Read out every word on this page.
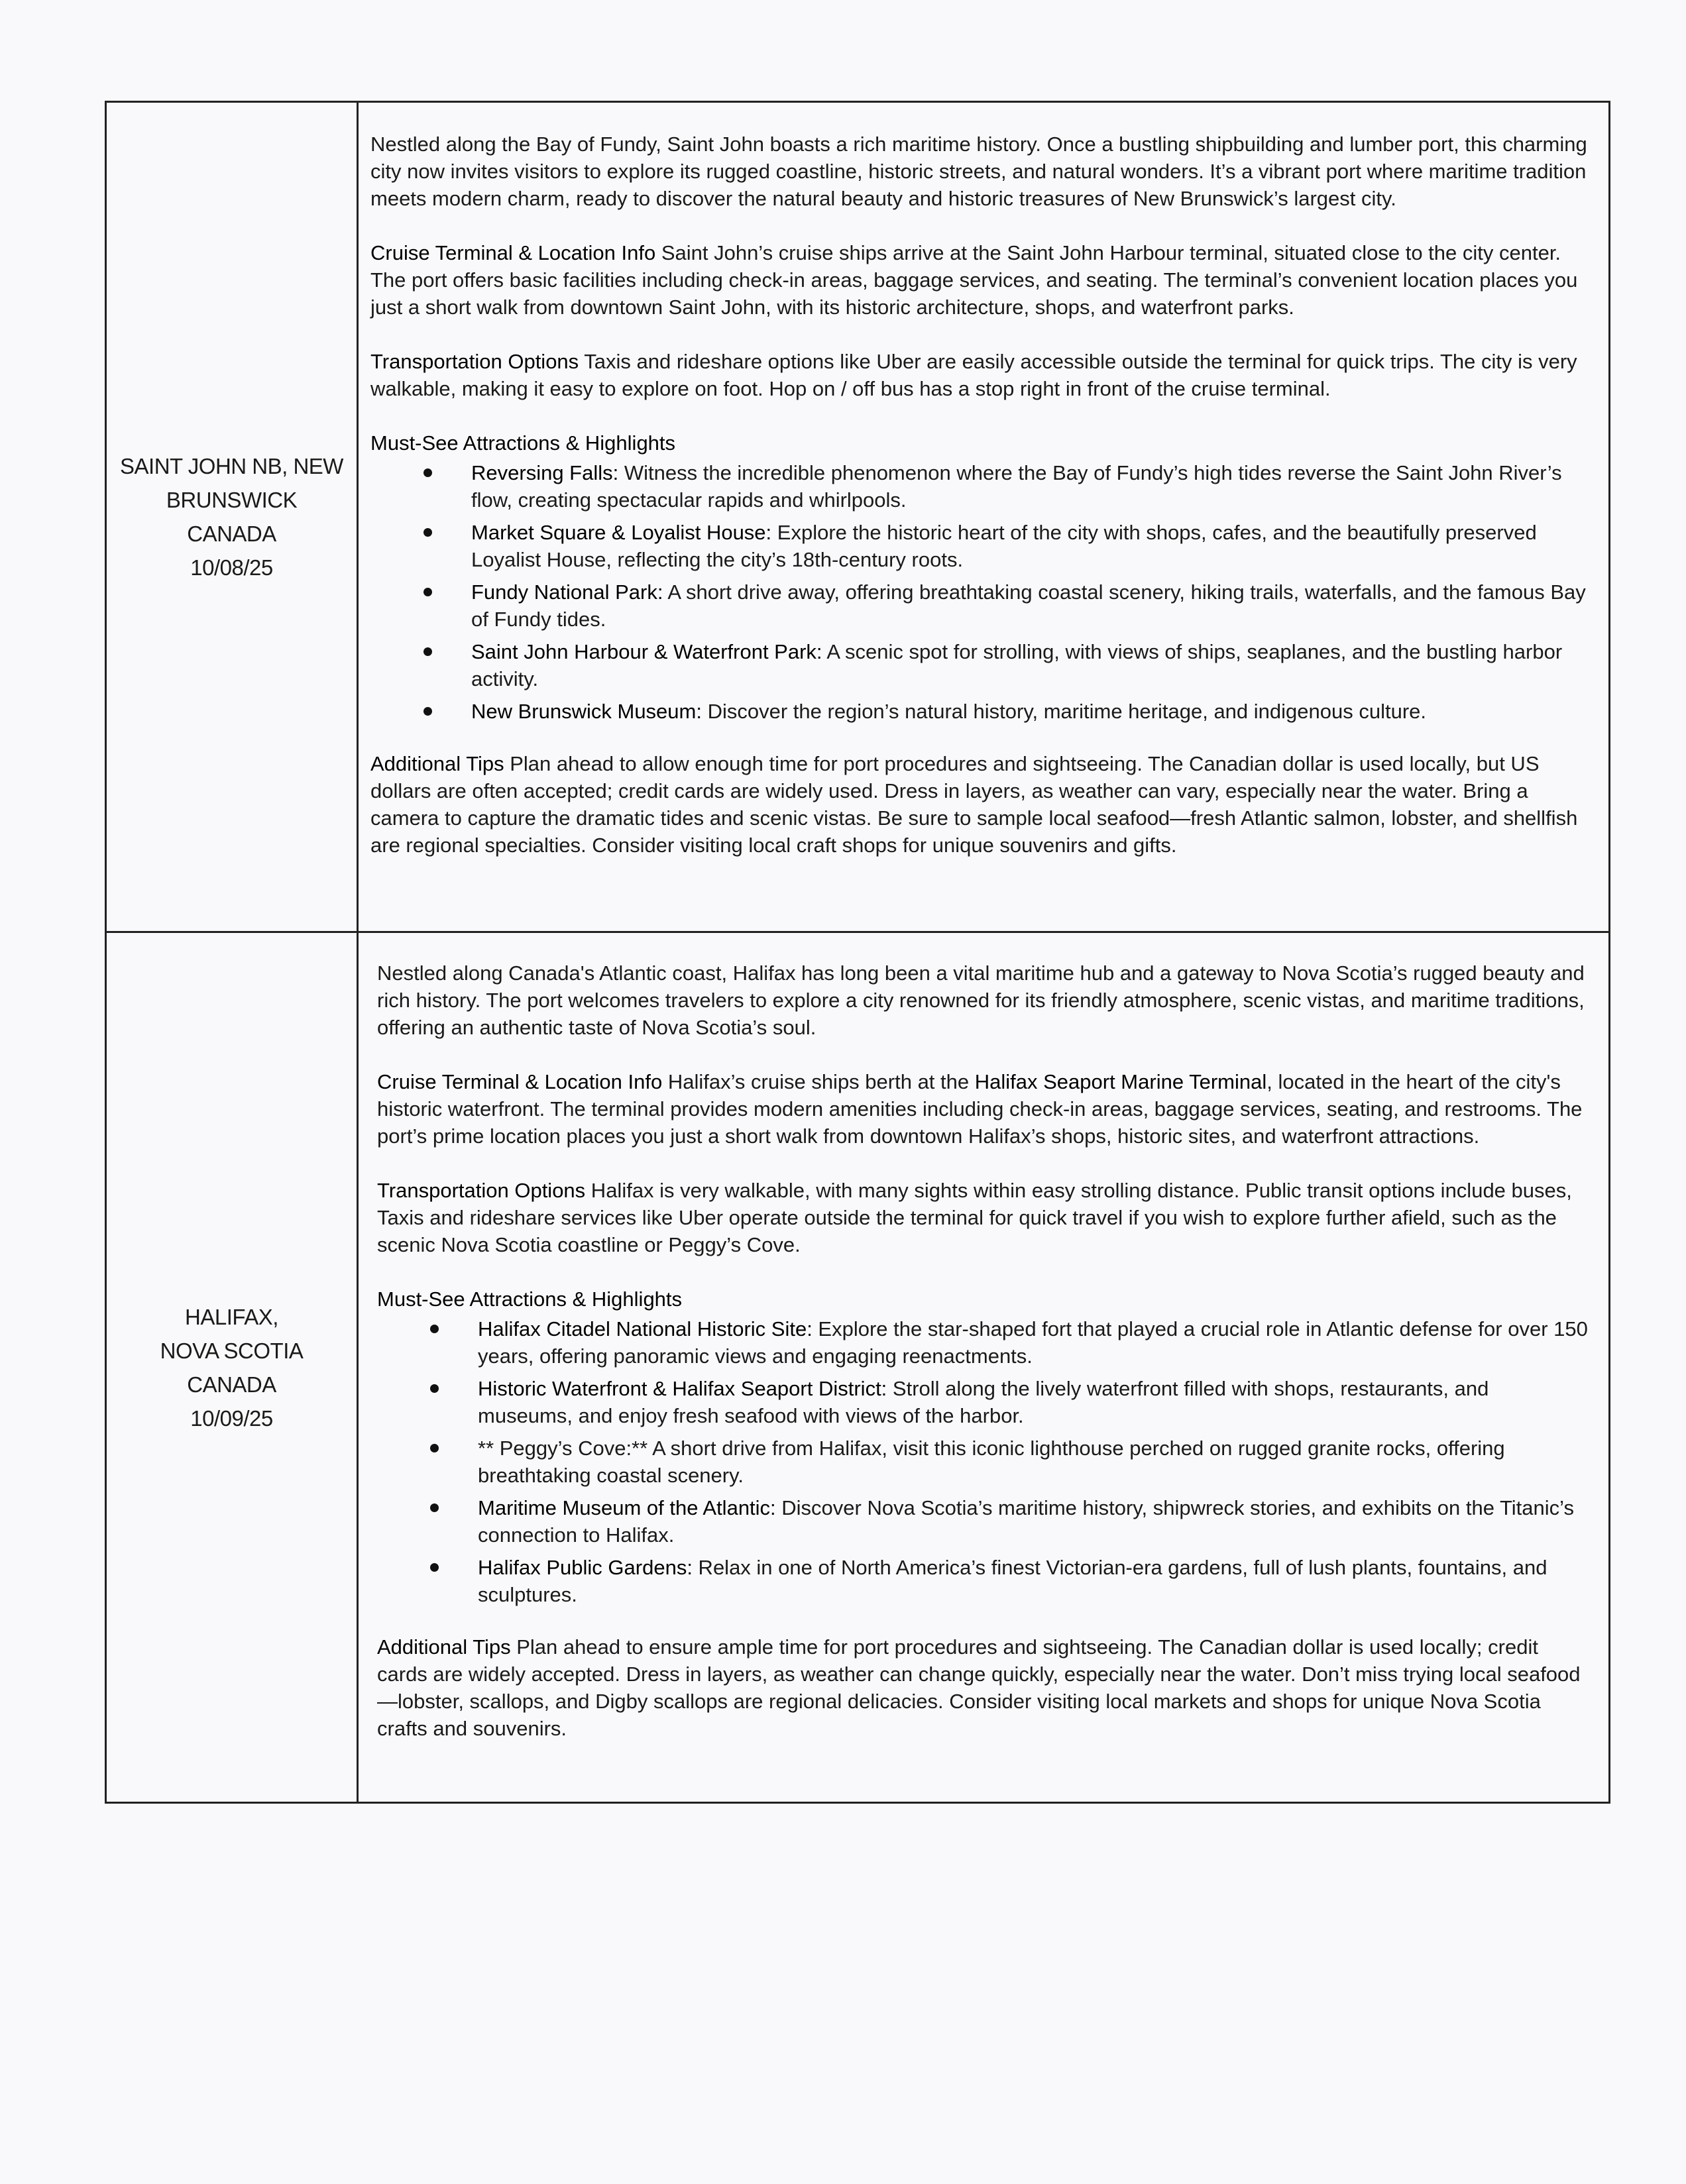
SAINT JOHN NB, NEW
BRUNSWICK
CANADA
10/08/25

Nestled along the Bay of Fundy, Saint John boasts a rich maritime history. Once a bustling shipbuilding and lumber port, this charming city now invites visitors to explore its rugged coastline, historic streets, and natural wonders. It’s a vibrant port where maritime tradition meets modern charm, ready to discover the natural beauty and historic treasures of New Brunswick’s largest city.

Cruise Terminal & Location Info Saint John’s cruise ships arrive at the Saint John Harbour terminal, situated close to the city center. The port offers basic facilities including check-in areas, baggage services, and seating. The terminal’s convenient location places you just a short walk from downtown Saint John, with its historic architecture, shops, and waterfront parks.

Transportation Options Taxis and rideshare options like Uber are easily accessible outside the terminal for quick trips. The city is very walkable, making it easy to explore on foot. Hop on / off bus has a stop right in front of the cruise terminal.

Must-See Attractions & Highlights

Reversing Falls: Witness the incredible phenomenon where the Bay of Fundy’s high tides reverse the Saint John River’s flow, creating spectacular rapids and whirlpools.
Market Square & Loyalist House: Explore the historic heart of the city with shops, cafes, and the beautifully preserved Loyalist House, reflecting the city’s 18th-century roots.
Fundy National Park: A short drive away, offering breathtaking coastal scenery, hiking trails, waterfalls, and the famous Bay of Fundy tides.
Saint John Harbour & Waterfront Park: A scenic spot for strolling, with views of ships, seaplanes, and the bustling harbor activity.
New Brunswick Museum: Discover the region’s natural history, maritime heritage, and indigenous culture.

Additional Tips Plan ahead to allow enough time for port procedures and sightseeing. The Canadian dollar is used locally, but US dollars are often accepted; credit cards are widely used. Dress in layers, as weather can vary, especially near the water. Bring a camera to capture the dramatic tides and scenic vistas. Be sure to sample local seafood—fresh Atlantic salmon, lobster, and shellfish are regional specialties. Consider visiting local craft shops for unique souvenirs and gifts.

HALIFAX,
NOVA SCOTIA
CANADA
10/09/25

Nestled along Canada's Atlantic coast, Halifax has long been a vital maritime hub and a gateway to Nova Scotia’s rugged beauty and rich history. The port welcomes travelers to explore a city renowned for its friendly atmosphere, scenic vistas, and maritime traditions, offering an authentic taste of Nova Scotia’s soul.

Cruise Terminal & Location Info Halifax’s cruise ships berth at the Halifax Seaport Marine Terminal, located in the heart of the city's historic waterfront. The terminal provides modern amenities including check-in areas, baggage services, seating, and restrooms. The port’s prime location places you just a short walk from downtown Halifax’s shops, historic sites, and waterfront attractions.

Transportation Options Halifax is very walkable, with many sights within easy strolling distance. Public transit options include buses, Taxis and rideshare services like Uber operate outside the terminal for quick travel if you wish to explore further afield, such as the scenic Nova Scotia coastline or Peggy’s Cove.

Must-See Attractions & Highlights

Halifax Citadel National Historic Site: Explore the star-shaped fort that played a crucial role in Atlantic defense for over 150 years, offering panoramic views and engaging reenactments.
Historic Waterfront & Halifax Seaport District: Stroll along the lively waterfront filled with shops, restaurants, and museums, and enjoy fresh seafood with views of the harbor.
** Peggy’s Cove:** A short drive from Halifax, visit this iconic lighthouse perched on rugged granite rocks, offering breathtaking coastal scenery.
Maritime Museum of the Atlantic: Discover Nova Scotia’s maritime history, shipwreck stories, and exhibits on the Titanic’s connection to Halifax.
Halifax Public Gardens: Relax in one of North America’s finest Victorian-era gardens, full of lush plants, fountains, and sculptures.

Additional Tips Plan ahead to ensure ample time for port procedures and sightseeing. The Canadian dollar is used locally; credit cards are widely accepted. Dress in layers, as weather can change quickly, especially near the water. Don’t miss trying local seafood—lobster, scallops, and Digby scallops are regional delicacies. Consider visiting local markets and shops for unique Nova Scotia crafts and souvenirs.
